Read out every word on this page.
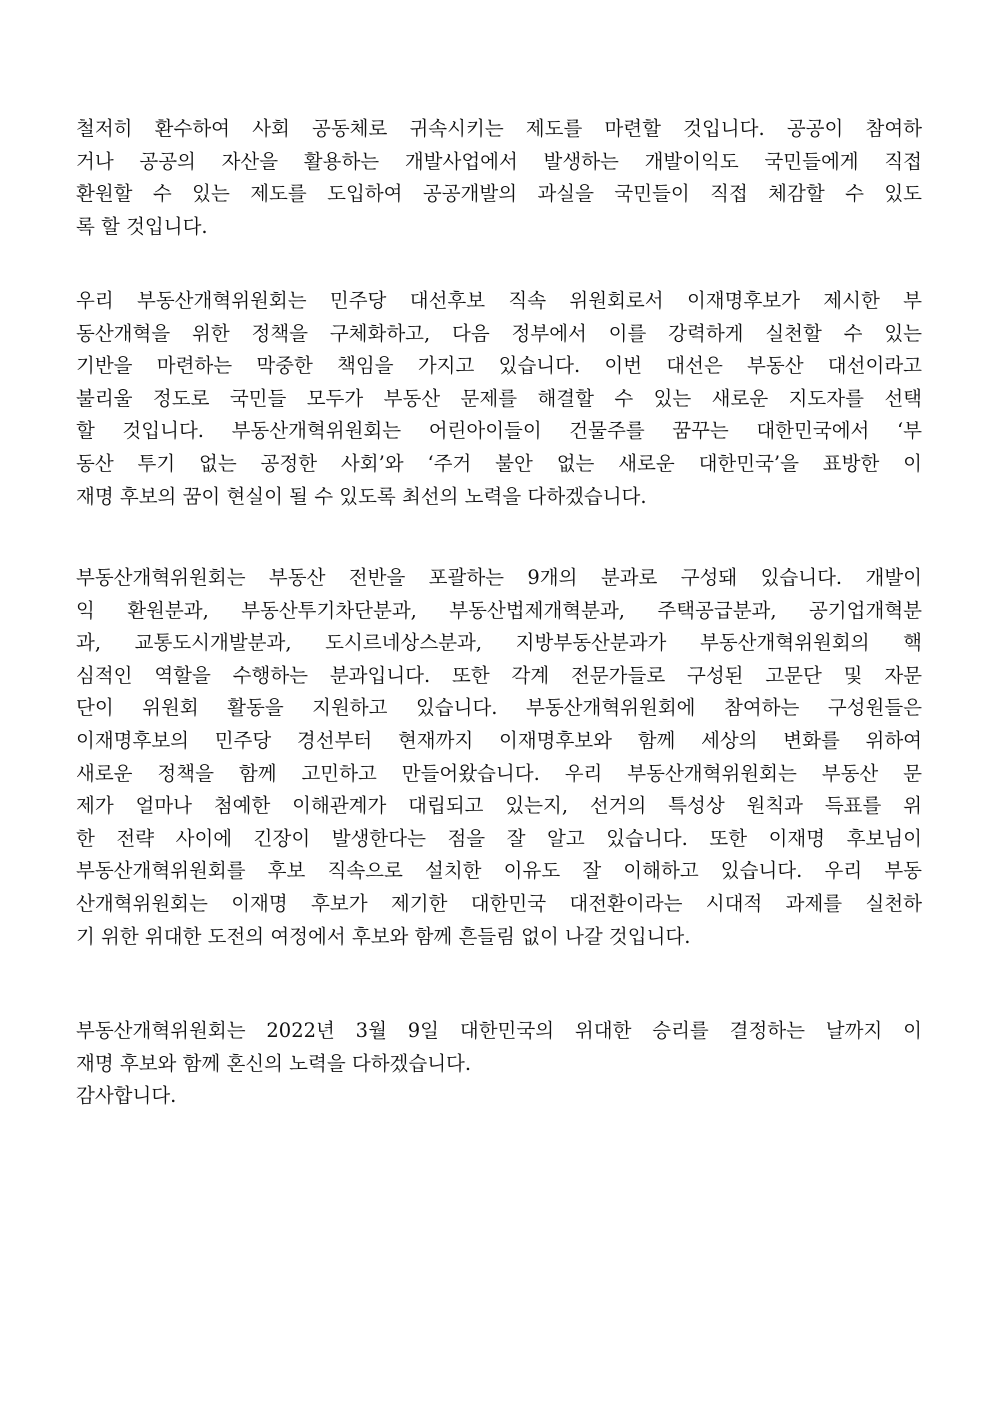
철저히 환수하여 사회 공동체로 귀속시키는 제도를 마련할 것입니다. 공공이 참여하
거나 공공의 자산을 활용하는 개발사업에서 발생하는 개발이익도 국민들에게 직접
환원할 수 있는 제도를 도입하여 공공개발의 과실을 국민들이 직접 체감할 수 있도
록 할 것입니다.
우리 부동산개혁위원회는 민주당 대선후보 직속 위원회로서 이재명후보가 제시한 부
동산개혁을 위한 정책을 구체화하고, 다음 정부에서 이를 강력하게 실천할 수 있는
기반을 마련하는 막중한 책임을 가지고 있습니다. 이번 대선은 부동산 대선이라고
불리울 정도로 국민들 모두가 부동산 문제를 해결할 수 있는 새로운 지도자를 선택
할 것입니다. 부동산개혁위원회는 어린아이들이 건물주를 꿈꾸는 대한민국에서 ‘부
동산 투기 없는 공정한 사회’와 ‘주거 불안 없는 새로운 대한민국’을 표방한 이
재명 후보의 꿈이 현실이 될 수 있도록 최선의 노력을 다하겠습니다.
부동산개혁위원회는 부동산 전반을 포괄하는 9개의 분과로 구성돼 있습니다. 개발이
익 환원분과, 부동산투기차단분과, 부동산법제개혁분과, 주택공급분과, 공기업개혁분
과, 교통도시개발분과, 도시르네상스분과, 지방부동산분과가 부동산개혁위원회의 핵
심적인 역할을 수행하는 분과입니다. 또한 각계 전문가들로 구성된 고문단 및 자문
단이 위원회 활동을 지원하고 있습니다. 부동산개혁위원회에 참여하는 구성원들은
이재명후보의 민주당 경선부터 현재까지 이재명후보와 함께 세상의 변화를 위하여
새로운 정책을 함께 고민하고 만들어왔습니다. 우리 부동산개혁위원회는 부동산 문
제가 얼마나 첨예한 이해관계가 대립되고 있는지, 선거의 특성상 원칙과 득표를 위
한 전략 사이에 긴장이 발생한다는 점을 잘 알고 있습니다. 또한 이재명 후보님이
부동산개혁위원회를 후보 직속으로 설치한 이유도 잘 이해하고 있습니다. 우리 부동
산개혁위원회는 이재명 후보가 제기한 대한민국 대전환이라는 시대적 과제를 실천하
기 위한 위대한 도전의 여정에서 후보와 함께 흔들림 없이 나갈 것입니다.
부동산개혁위원회는 2022년 3월 9일 대한민국의 위대한 승리를 결정하는 날까지 이
재명 후보와 함께 혼신의 노력을 다하겠습니다.
감사합니다.
